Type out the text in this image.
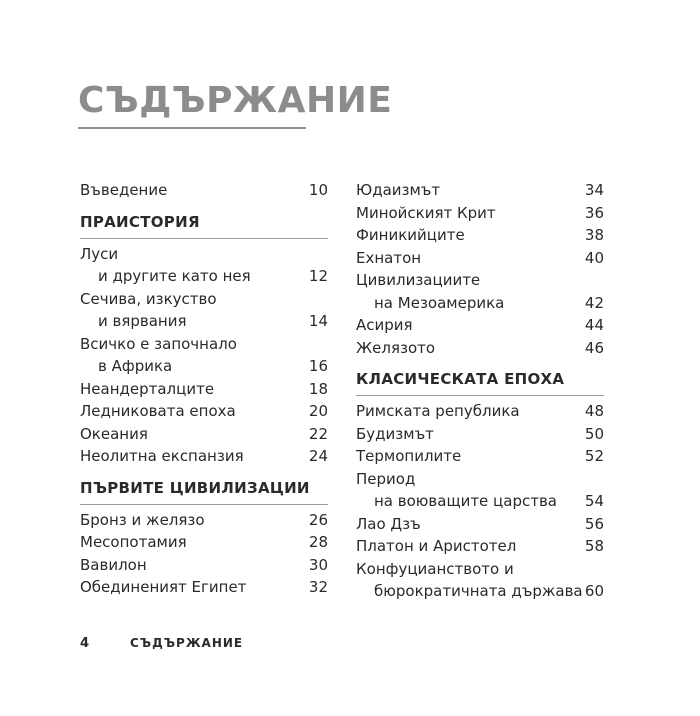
СЪДЪРЖАНИЕ
Въведение	10
ПРАИСТОРИЯ
Луси
и другите като нея	12
Сечива, изкуство
и вярвания	14
Всичко е започнало
в Африка	16
Неандерталците	18
Ледниковата епоха	20
Океания	22
Неолитна експанзия	24
ПЪРВИТЕ ЦИВИЛИЗАЦИИ
Бронз и желязо	26
Месопотамия	28
Вавилон	30
Обединеният Египет	32
Юдаизмът	34
Минойският Крит	36
Финикийците	38
Ехнатон	40
Цивилизациите
на Мезоамерика	42
Асирия	44
Желязото	46
КЛАСИЧЕСКАТА ЕПОХА
Римската република	48
Будизмът	50
Термопилите	52
Период
на воюващите царства 54
Лао Дзъ	56
Платон и Аристотел	58
Конфуцианството и
бюрократичната държава 60
4	СЪДЪРЖАНИЕ
